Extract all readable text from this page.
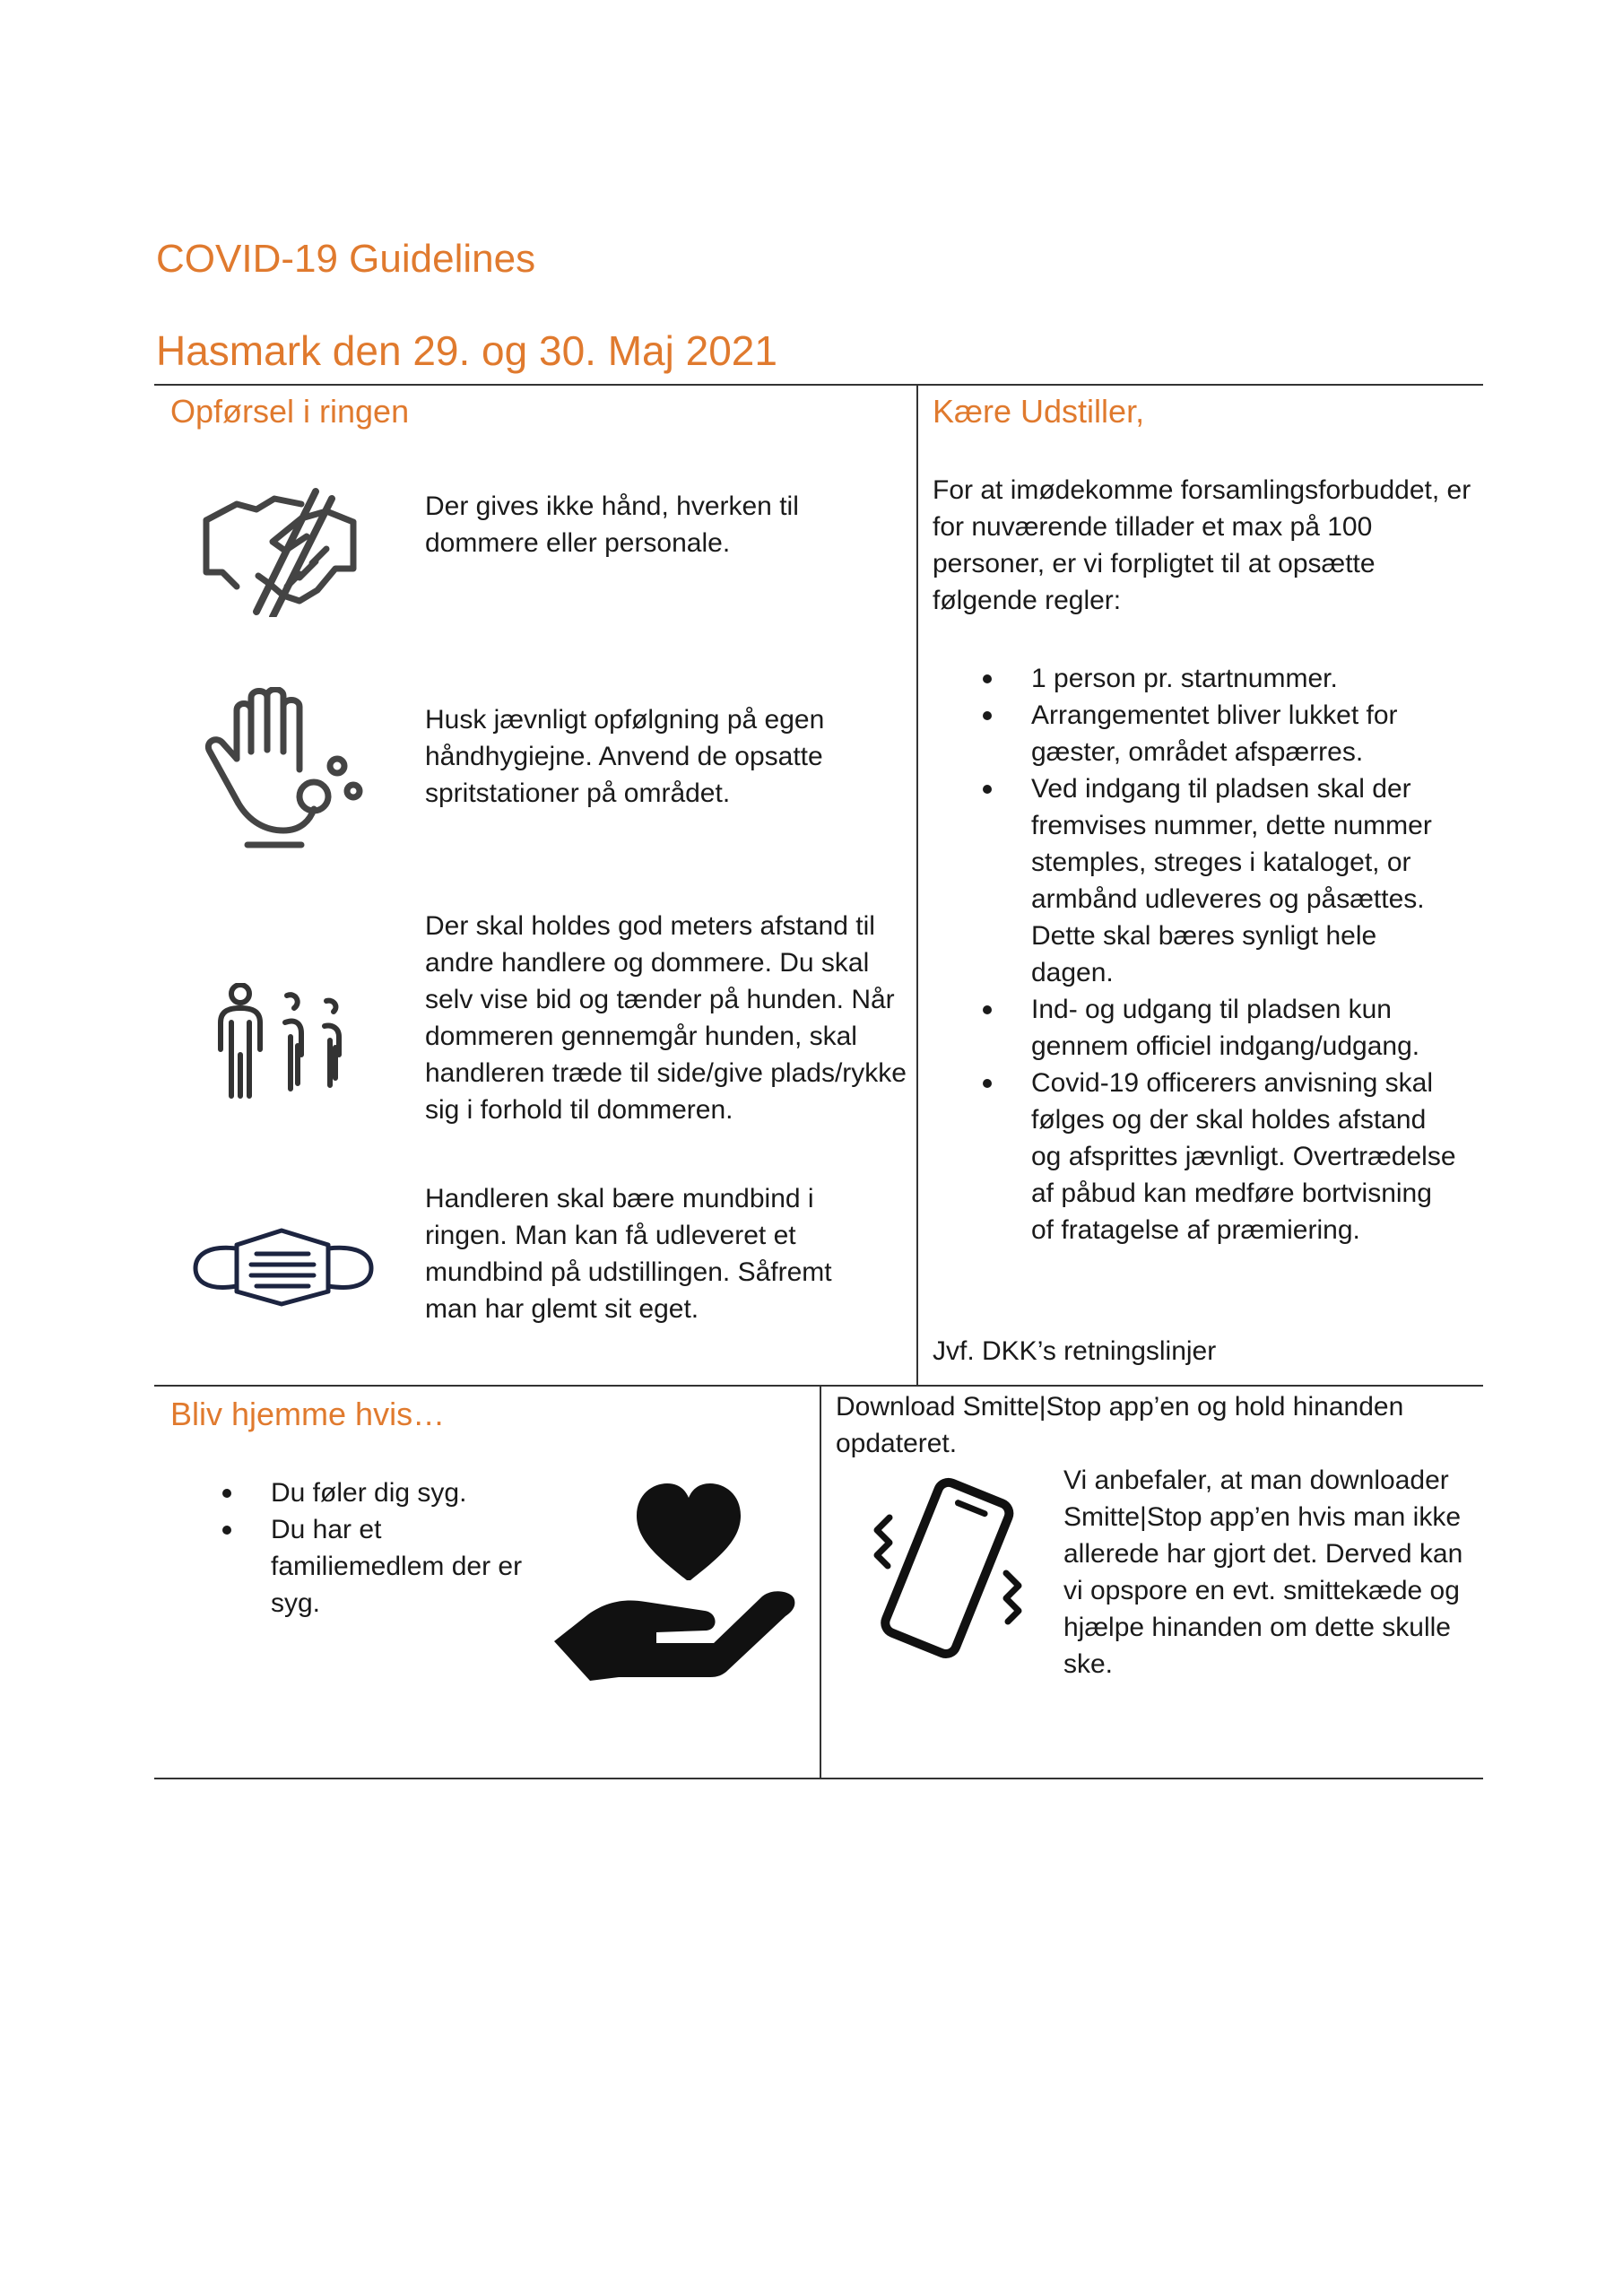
COVID-19 Guidelines
Hasmark den 29. og 30. Maj 2021
Opførsel i ringen
Der gives ikke hånd, hverken til dommere eller personale.
Husk jævnligt opfølgning på egen håndhygiejne. Anvend de opsatte spritstationer på området.
Der skal holdes god meters afstand til andre handlere og dommere. Du skal selv vise bid og tænder på hunden. Når dommeren gennemgår hunden, skal handleren træde til side/give plads/rykke sig i forhold til dommeren.
Handleren skal bære mundbind i ringen. Man kan få udleveret et mundbind på udstillingen. Såfremt man har glemt sit eget.
Kære Udstiller,
For at imødekomme forsamlingsforbuddet, er for nuværende tillader et max på 100 personer, er vi forpligtet til at opsætte følgende regler:
1 person pr. startnummer.
Arrangementet bliver lukket for gæster, området afspærres.
Ved indgang til pladsen skal der fremvises nummer, dette nummer stemples, streges i kataloget, or armbånd udleveres og påsættes. Dette skal bæres synligt hele dagen.
Ind- og udgang til pladsen kun gennem officiel indgang/udgang.
Covid-19 officerers anvisning skal følges og der skal holdes afstand og afsprittes jævnligt. Overtrædelse af påbud kan medføre bortvisning of fratagelse af præmiering.
Jvf. DKK’s retningslinjer
Bliv hjemme hvis…
Du føler dig syg.
Du har et familiemedlem der er syg.
Download Smitte|Stop app’en og hold hinanden opdateret.
Vi anbefaler, at man downloader Smitte|Stop app’en hvis man ikke allerede har gjort det. Derved kan vi opspore en evt. smittekæde og hjælpe hinanden om dette skulle ske.
